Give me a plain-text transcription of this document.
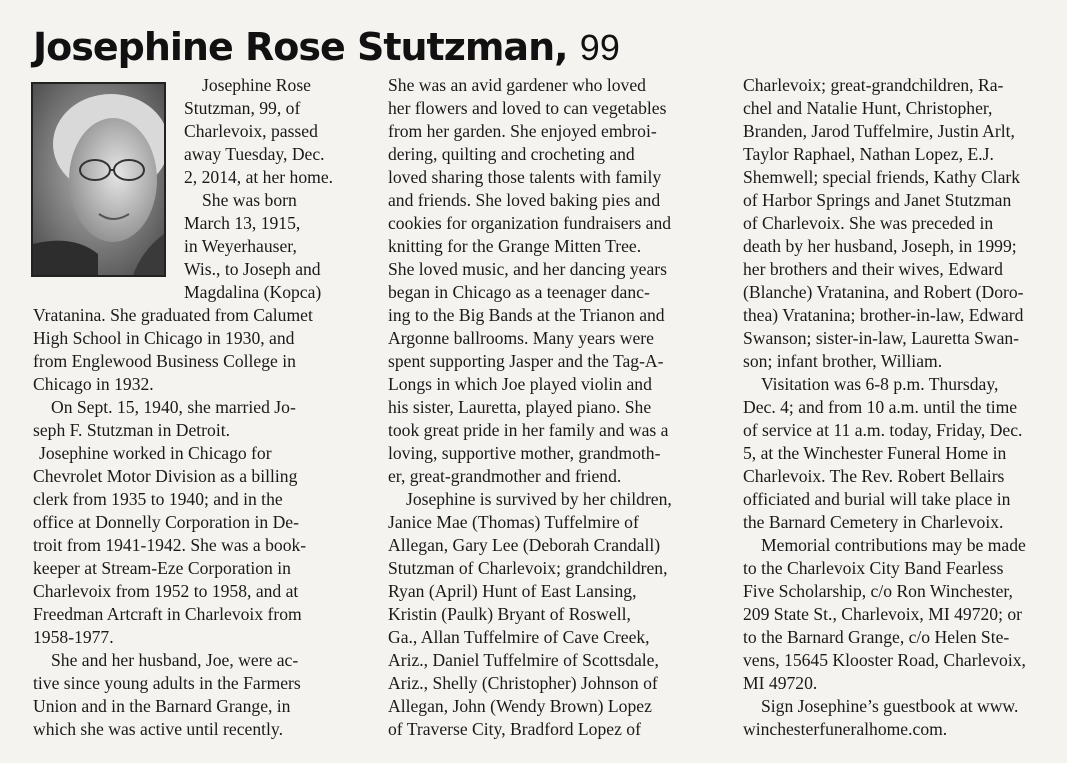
Josephine Rose Stutzman, 99

Josephine Rose

Stutzman, 99, of

Charlevoix, passed

away Tuesday, Dec.

2, 2014, at her home.

She was born

March 13, 1915,

in Weyerhauser,

Wis., to Joseph and

Magdalina (Kopca)

Vratanina. She graduated from Calumet

High School in Chicago in 1930, and

from Englewood Business College in

Chicago in 1932.

On Sept. 15, 1940, she married Jo-

seph F. Stutzman in Detroit.

Josephine worked in Chicago for

Chevrolet Motor Division as a billing

clerk from 1935 to 1940; and in the

office at Donnelly Corporation in De-

troit from 1941-1942. She was a book-

keeper at Stream-Eze Corporation in

Charlevoix from 1952 to 1958, and at

Freedman Artcraft in Charlevoix from

1958-1977.

She and her husband, Joe, were ac-

tive since young adults in the Farmers

Union and in the Barnard Grange, in

which she was active until recently.

She was an avid gardener who loved

her flowers and loved to can vegetables

from her garden. She enjoyed embroi-

dering, quilting and crocheting and

loved sharing those talents with family

and friends. She loved baking pies and

cookies for organization fundraisers and

knitting for the Grange Mitten Tree.

She loved music, and her dancing years

began in Chicago as a teenager danc-

ing to the Big Bands at the Trianon and

Argonne ballrooms. Many years were

spent supporting Jasper and the Tag-A-

Longs in which Joe played violin and

his sister, Lauretta, played piano. She

took great pride in her family and was a

loving, supportive mother, grandmoth-

er, great-grandmother and friend.

Josephine is survived by her children,

Janice Mae (Thomas) Tuffelmire of

Allegan, Gary Lee (Deborah Crandall)

Stutzman of Charlevoix; grandchildren,

Ryan (April) Hunt of East Lansing,

Kristin (Paulk) Bryant of Roswell,

Ga., Allan Tuffelmire of Cave Creek,

Ariz., Daniel Tuffelmire of Scottsdale,

Ariz., Shelly (Christopher) Johnson of

Allegan, John (Wendy Brown) Lopez

of Traverse City, Bradford Lopez of

Charlevoix; great-grandchildren, Ra-

chel and Natalie Hunt, Christopher,

Branden, Jarod Tuffelmire, Justin Arlt,

Taylor Raphael, Nathan Lopez, E.J.

Shemwell; special friends, Kathy Clark

of Harbor Springs and Janet Stutzman

of Charlevoix. She was preceded in

death by her husband, Joseph, in 1999;

her brothers and their wives, Edward

(Blanche) Vratanina, and Robert (Doro-

thea) Vratanina; brother-in-law, Edward

Swanson; sister-in-law, Lauretta Swan-

son; infant brother, William.

Visitation was 6-8 p.m. Thursday,

Dec. 4; and from 10 a.m. until the time

of service at 11 a.m. today, Friday, Dec.

5, at the Winchester Funeral Home in

Charlevoix. The Rev. Robert Bellairs

officiated and burial will take place in

the Barnard Cemetery in Charlevoix.

Memorial contributions may be made

to the Charlevoix City Band Fearless

Five Scholarship, c/o Ron Winchester,

209 State St., Charlevoix, MI 49720; or

to the Barnard Grange, c/o Helen Ste-

vens, 15645 Klooster Road, Charlevoix,

MI 49720.

Sign Josephine’s guestbook at www.

winchesterfuneralhome.com.
